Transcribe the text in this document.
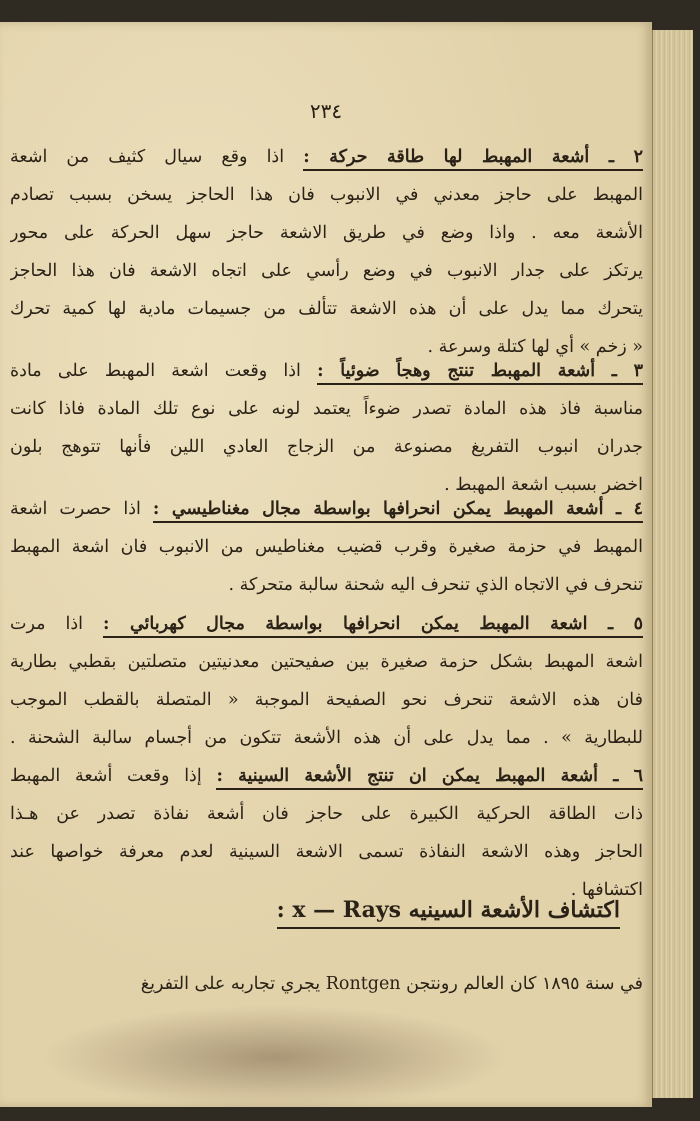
٢٣٤

٢ ـ أشعة المهبط لها طاقة حركة : اذا وقع سيال كثيف من اشعة
المهبط على حاجز معدني في الانبوب فان هذا الحاجز يسخن بسبب تصادم
الأشعة معه . واذا وضع في طريق الاشعة حاجز سهل الحركة على محور
يرتكز على جدار الانبوب في وضع رأسي على اتجاه الاشعة فان هذا الحاجز
يتحرك مما يدل على أن هذه الاشعة تتألف من جسيمات مادية لها كمية تحرك
« زخم » أي لها كتلة وسرعة .
٣ ـ أشعة المهبط تنتج وهجاً ضوئياً : اذا وقعت اشعة المهبط على مادة
مناسبة فاذ هذه المادة تصدر ضوءاً يعتمد لونه على نوع تلك المادة فاذا كانت
جدران انبوب التفريغ مصنوعة من الزجاج العادي اللين فأنها تتوهج بلون
اخضر بسبب اشعة المهبط .
٤ ـ أشعة المهبط يمكن انحرافها بواسطة مجال مغناطيسي : اذا حصرت اشعة
المهبط في حزمة صغيرة وقرب قضيب مغناطيس من الانبوب فان اشعة المهبط
تنحرف في الاتجاه الذي تنحرف اليه شحنة سالبة متحركة .
٥ ـ اشعة المهبط يمكن انحرافها بواسطة مجال كهربائي : اذا مرت
اشعة المهبط بشكل حزمة صغيرة بين صفيحتين معدنيتين متصلتين بقطبي بطارية
فان هذه الاشعة تنحرف نحو الصفيحة الموجبة « المتصلة بالقطب الموجب
للبطارية » . مما يدل على أن هذه الأشعة تتكون من أجسام سالبة الشحنة .
٦ ـ أشعة المهبط يمكن ان تنتج الأشعة السينية : إذا وقعت أشعة المهبط
ذات الطاقة الحركية الكبيرة على حاجز فان أشعة نفاذة تصدر عن هـذا
الحاجز وهذه الاشعة النفاذة تسمى الاشعة السينية لعدم معرفة خواصها عند
اكتشافها .
اكتشاف الأشعة السينيه x — Rays :
في سنة ١٨٩٥ كان العالم رونتجن Rontgen يجري تجاربه على التفريغ
